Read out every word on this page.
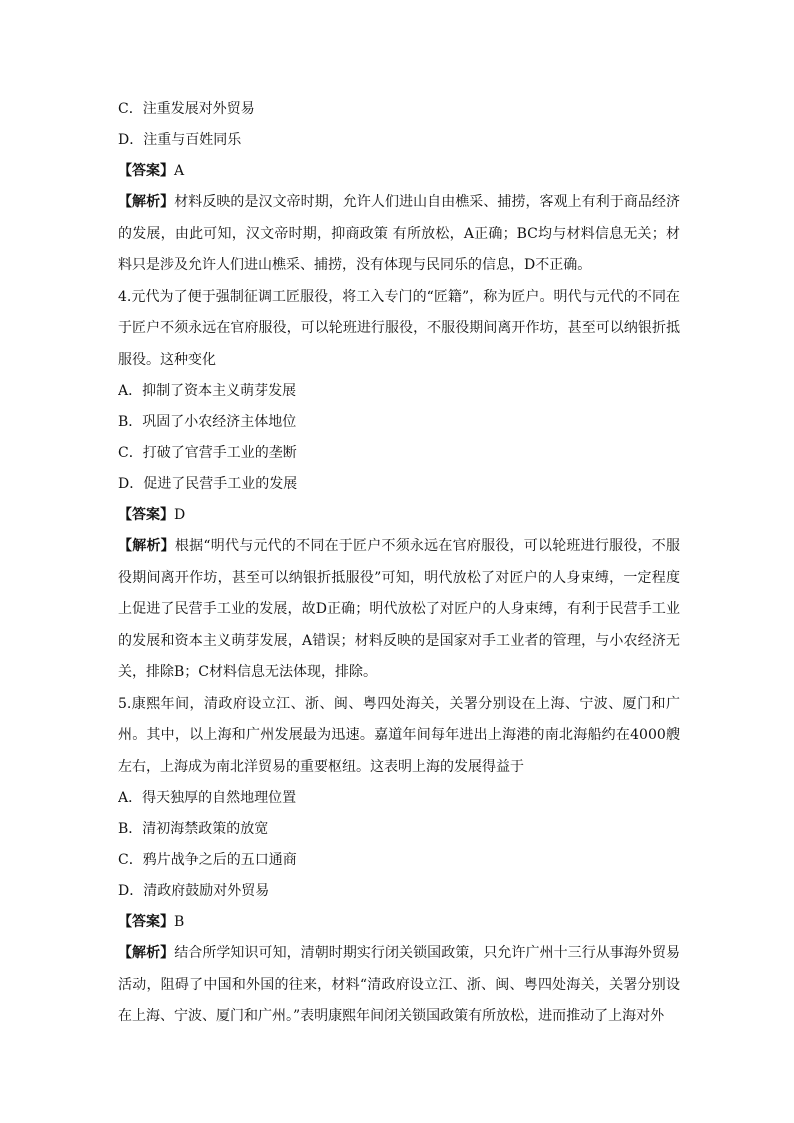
C．注重发展对外贸易

D．注重与百姓同乐

【答案】A

【解析】材料反映的是汉文帝时期，允许人们进山自由樵采、捕捞，客观上有利于商品经济的发展，由此可知，汉文帝时期，抑商政策 有所放松，A正确；BC均与材料信息无关；材料只是涉及允许人们进山樵采、捕捞，没有体现与民同乐的信息，D不正确。

4.元代为了便于强制征调工匠服役，将工入专门的“匠籍”，称为匠户。明代与元代的不同在于匠户不须永远在官府服役，可以轮班进行服役，不服役期间离开作坊，甚至可以纳银折抵服役。这种变化

A．抑制了资本主义萌芽发展

B．巩固了小农经济主体地位

C．打破了官营手工业的垄断

D．促进了民营手工业的发展

【答案】D

【解析】根据“明代与元代的不同在于匠户不须永远在官府服役，可以轮班进行服役，不服役期间离开作坊，甚至可以纳银折抵服役”可知，明代放松了对匠户的人身束缚，一定程度上促进了民营手工业的发展，故D正确；明代放松了对匠户的人身束缚，有利于民营手工业的发展和资本主义萌芽发展，A错误；材料反映的是国家对手工业者的管理，与小农经济无关，排除B；C材料信息无法体现，排除。

5.康熙年间，清政府设立江、浙、闽、粤四处海关，关署分别设在上海、宁波、厦门和广州。其中，以上海和广州发展最为迅速。嘉道年间每年进出上海港的南北海船约在4000艘左右，上海成为南北洋贸易的重要枢纽。这表明上海的发展得益于

A．得天独厚的自然地理位置

B．清初海禁政策的放宽

C．鸦片战争之后的五口通商

D．清政府鼓励对外贸易

【答案】B

【解析】结合所学知识可知，清朝时期实行闭关锁国政策，只允许广州十三行从事海外贸易活动，阻碍了中国和外国的往来，材料“清政府设立江、浙、闽、粤四处海关，关署分别设在上海、宁波、厦门和广州。”表明康熙年间闭关锁国政策有所放松，进而推动了上海对外
